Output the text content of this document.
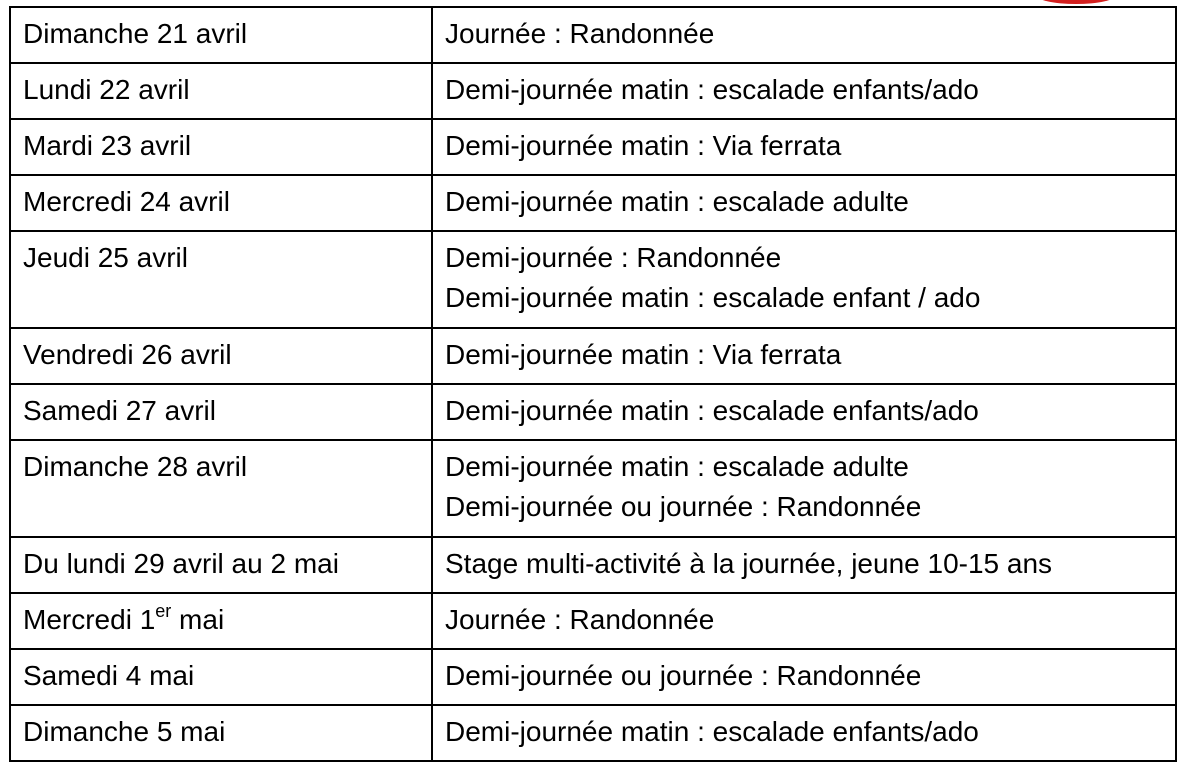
Dimanche 21 avril	Journée : Randonnée

Lundi 22 avril	Demi-journée matin : escalade enfants/ado

Mardi 23 avril	Demi-journée matin : Via ferrata

Mercredi 24 avril	Demi-journée matin : escalade adulte

Jeudi 25 avril	Demi-journée : Randonnée
Demi-journée matin : escalade enfant / ado

Vendredi 26 avril	Demi-journée matin : Via ferrata

Samedi 27 avril	Demi-journée matin : escalade enfants/ado

Dimanche 28 avril	Demi-journée matin : escalade adulte
Demi-journée ou journée : Randonnée

Du lundi 29 avril au 2 mai	Stage multi-activité à la journée, jeune 10-15 ans

Mercredi 1er mai	Journée : Randonnée

Samedi 4 mai	Demi-journée ou journée : Randonnée

Dimanche 5 mai	Demi-journée matin : escalade enfants/ado
